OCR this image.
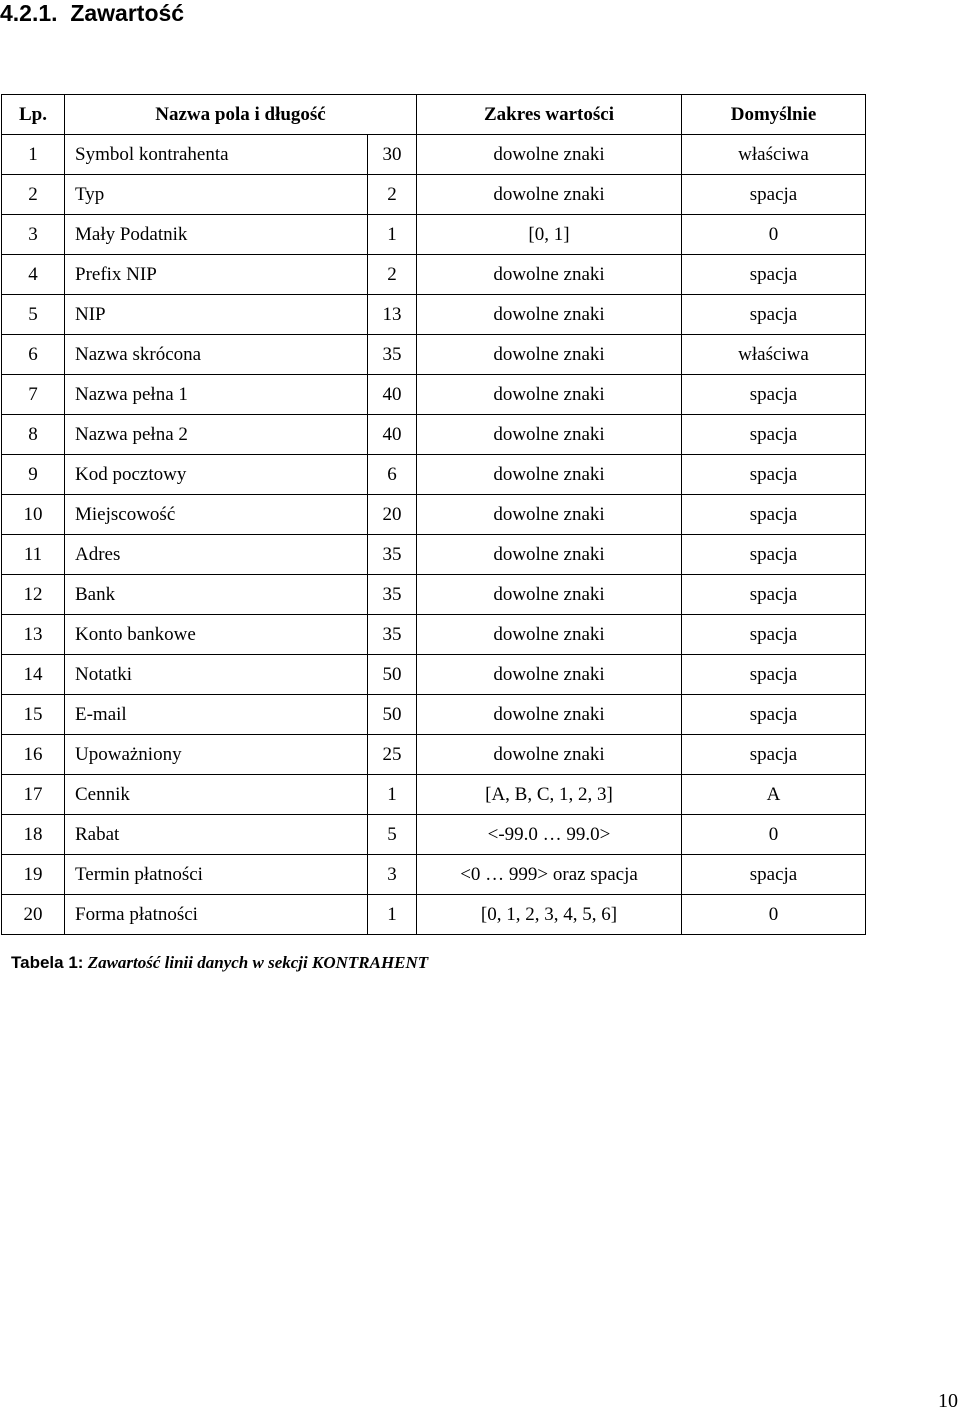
4.2.1. Zawartość
Lp.	Nazwa pola i długość		Zakres wartości	Domyślnie
1	Symbol kontrahenta	30	dowolne znaki	właściwa
2	Typ	2	dowolne znaki	spacja
3	Mały Podatnik	1	[0, 1]	0
4	Prefix NIP	2	dowolne znaki	spacja
5	NIP	13	dowolne znaki	spacja
6	Nazwa skrócona	35	dowolne znaki	właściwa
7	Nazwa pełna 1	40	dowolne znaki	spacja
8	Nazwa pełna 2	40	dowolne znaki	spacja
9	Kod pocztowy	6	dowolne znaki	spacja
10	Miejscowość	20	dowolne znaki	spacja
11	Adres	35	dowolne znaki	spacja
12	Bank	35	dowolne znaki	spacja
13	Konto bankowe	35	dowolne znaki	spacja
14	Notatki	50	dowolne znaki	spacja
15	E-mail	50	dowolne znaki	spacja
16	Upoważniony	25	dowolne znaki	spacja
17	Cennik	1	[A, B, C, 1, 2, 3]	A
18	Rabat	5	<-99.0 … 99.0>	0
19	Termin płatności	3	<0 … 999> oraz spacja	spacja
20	Forma płatności	1	[0, 1, 2, 3, 4, 5, 6]	0
Tabela 1: Zawartość linii danych w sekcji KONTRAHENT
10
